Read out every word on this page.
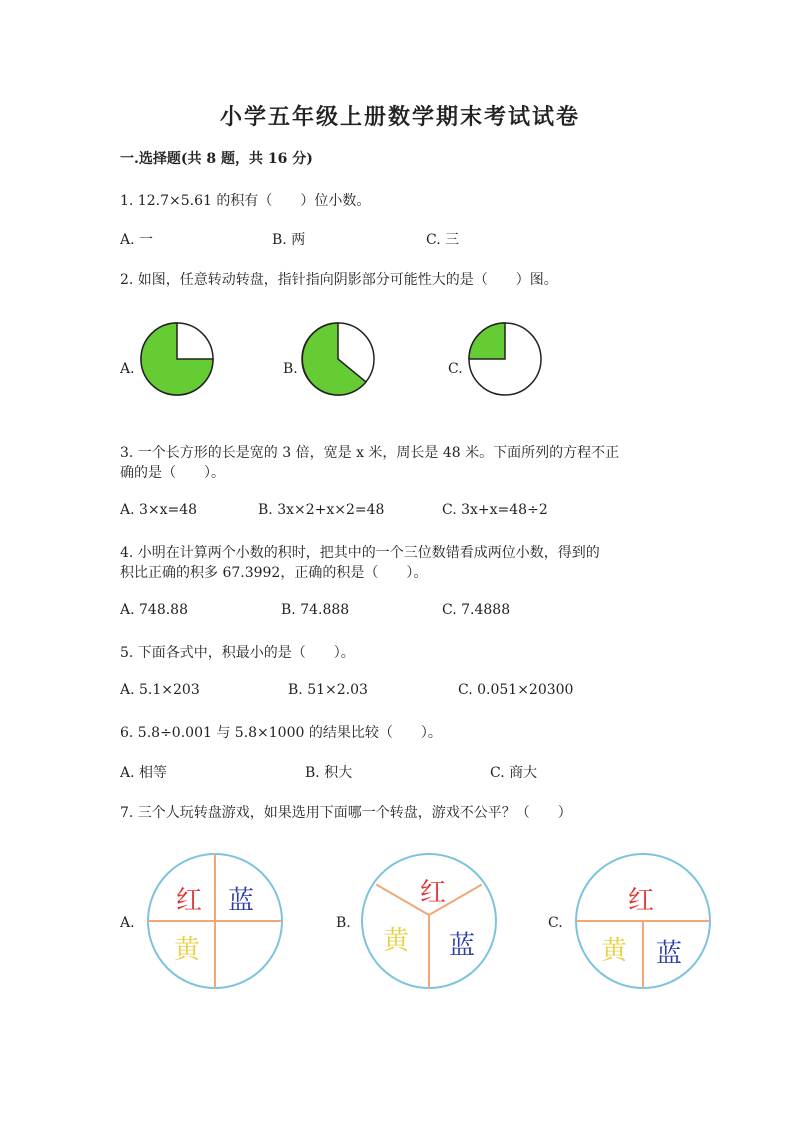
小学五年级上册数学期末考试试卷
一.选择题(共 8 题，共 16 分)
1. 12.7×5.61 的积有（　　）位小数。
A. 一	B. 两	C. 三
2. 如图，任意转动转盘，指针指向阴影部分可能性大的是（　　）图。
A.	B.	C.
3. 一个长方形的长是宽的 3 倍，宽是 x 米，周长是 48 米。下面所列的方程不正
确的是（　　）。
A. 3×x=48	B. 3x×2+x×2=48	C. 3x+x=48÷2
4. 小明在计算两个小数的积时，把其中的一个三位数错看成两位小数，得到的
积比正确的积多 67.3992，正确的积是（　　）。
A. 748.88	B. 74.888	C. 7.4888
5. 下面各式中，积最小的是（　　）。
A. 5.1×203	B. 51×2.03	C. 0.051×20300
6. 5.8÷0.001 与 5.8×1000 的结果比较（　　）。
A. 相等	B. 积大	C. 商大
7. 三个人玩转盘游戏，如果选用下面哪一个转盘，游戏不公平？（　　）
A.	B.	C.
红 蓝
黄
红
黄 蓝
红
黄 蓝
